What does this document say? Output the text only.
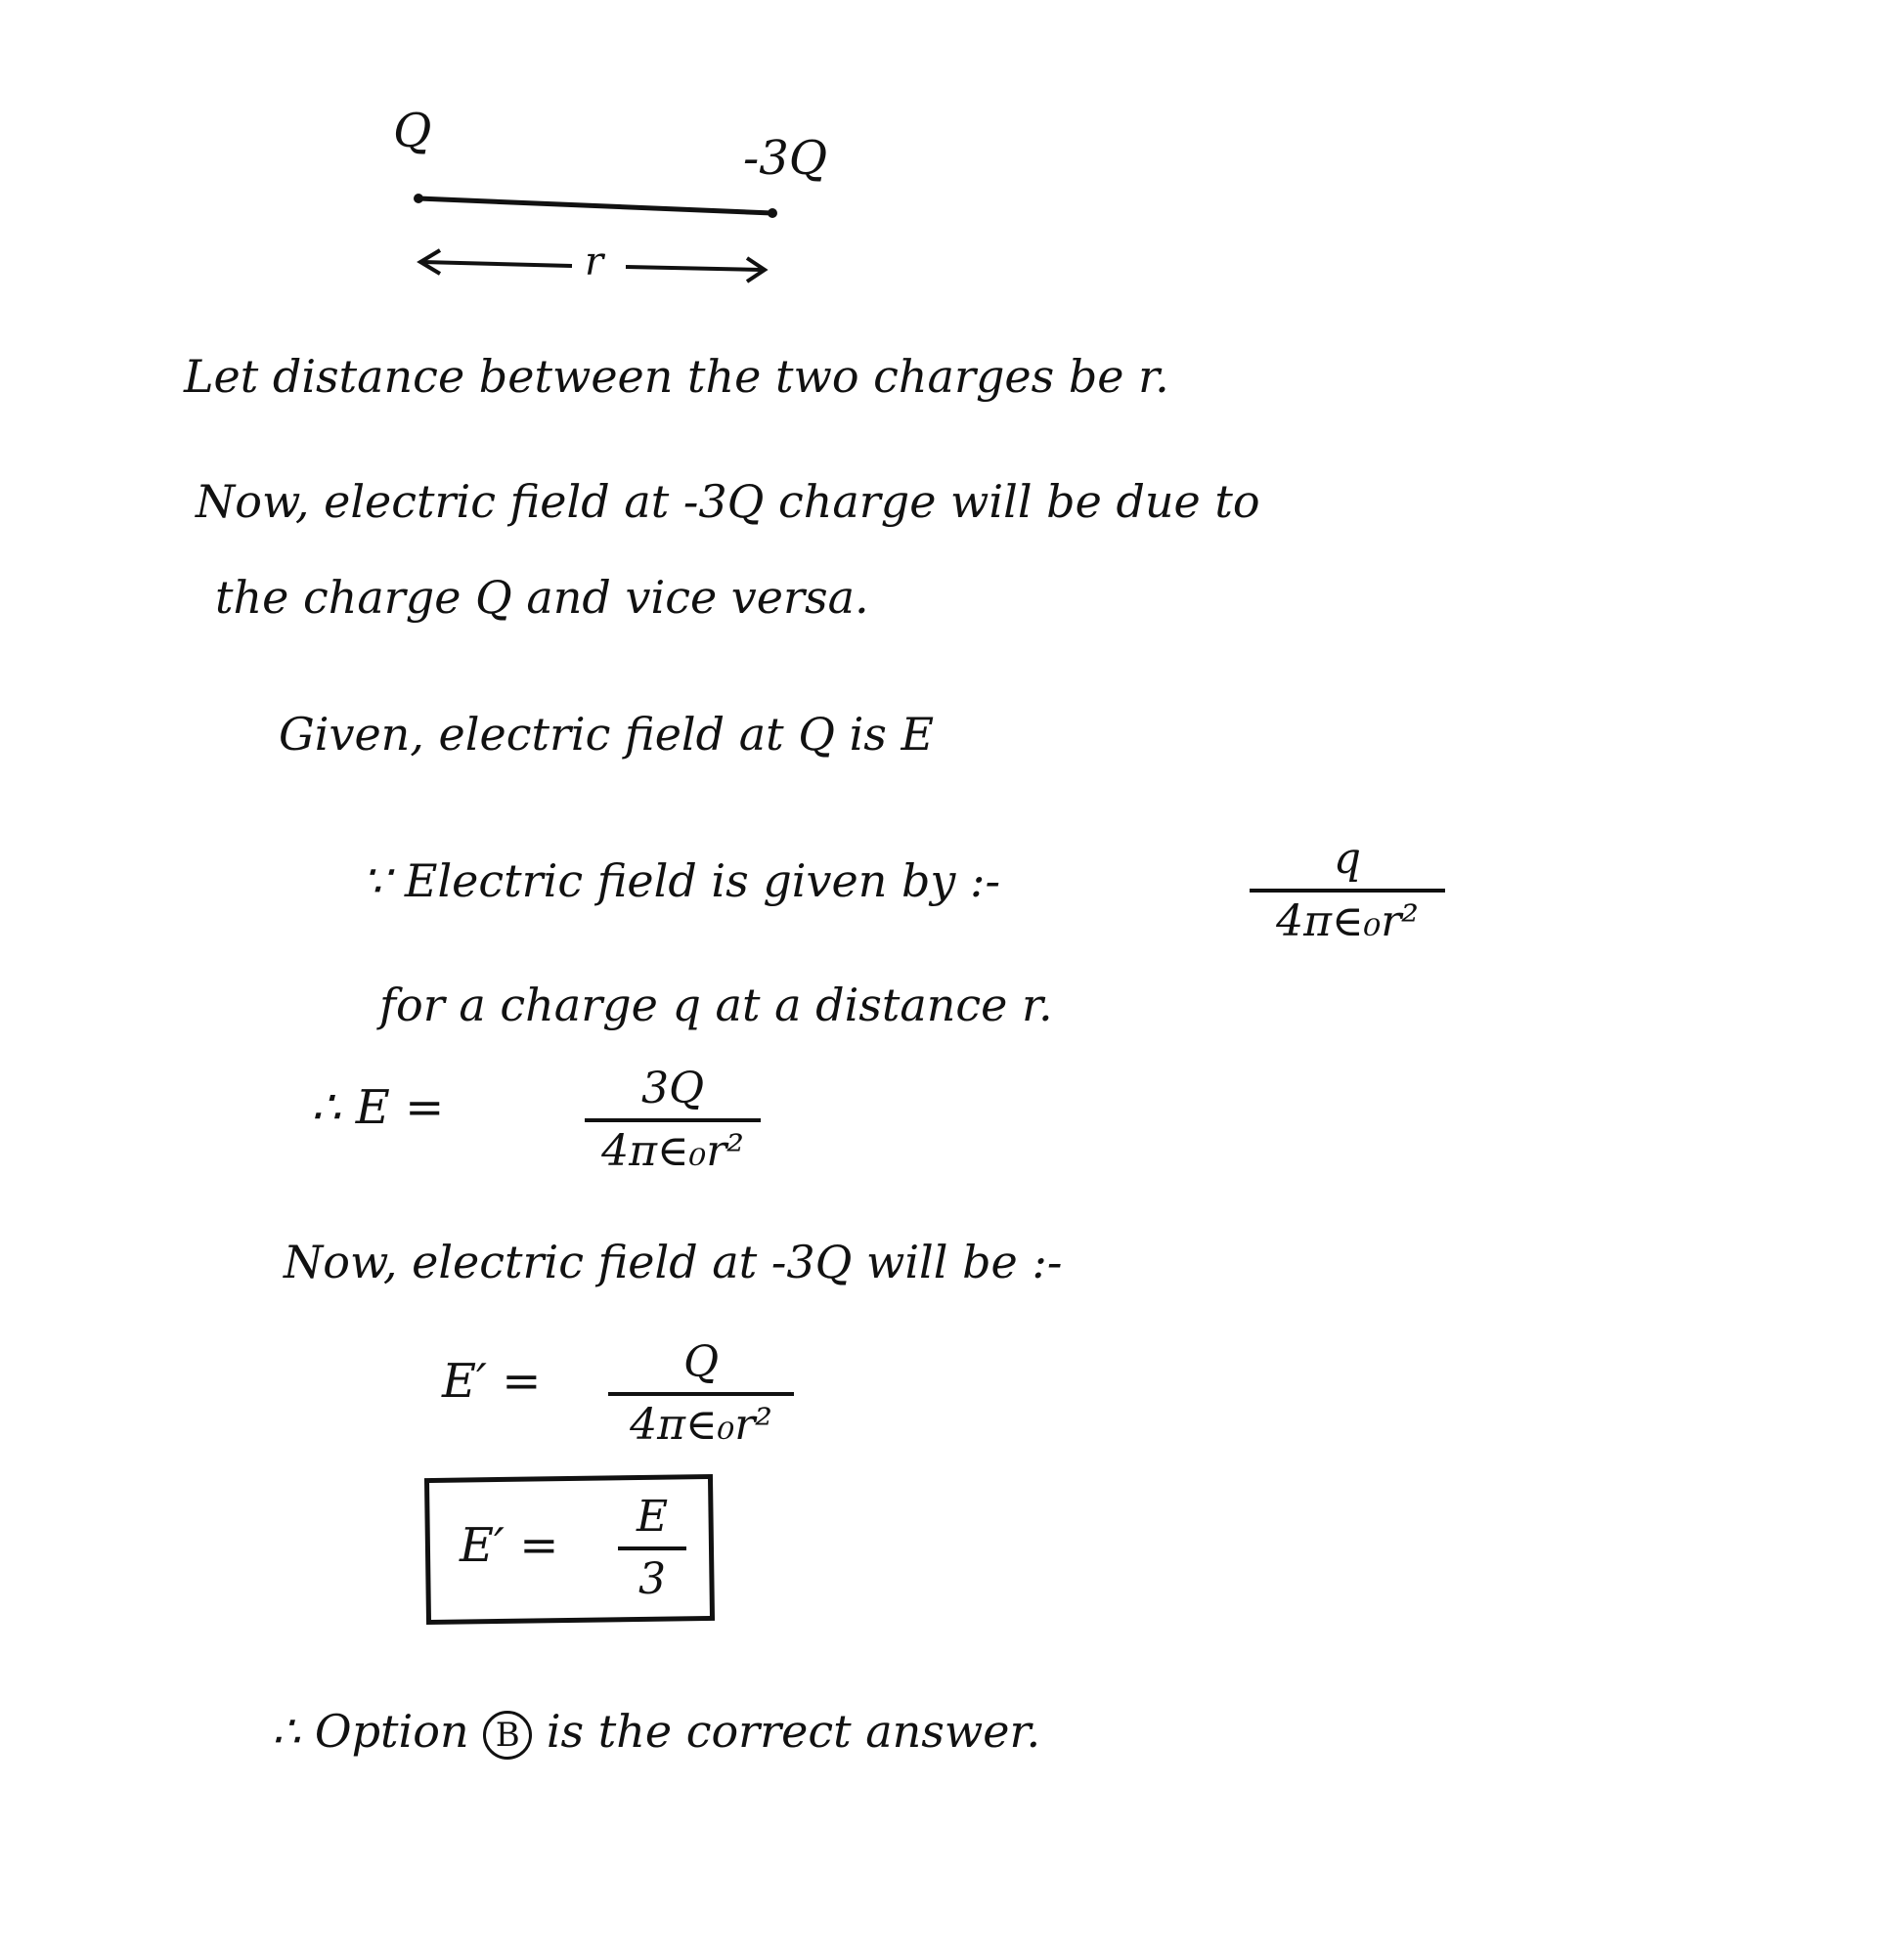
Q	-3Q
r
Let distance between the two charges be r.
Now, electric field at -3Q charge will be due to
the charge Q and vice versa.
Given, electric field at Q is E
∵ Electric field is given by :-	q
4π∈₀r²
for a charge q at a distance r.
∴ E =	3Q
4π∈₀r²
Now, electric field at -3Q will be :-
E′ =	Q
4π∈₀r²
E′ =
E
3
∴ Option B is the correct answer.
